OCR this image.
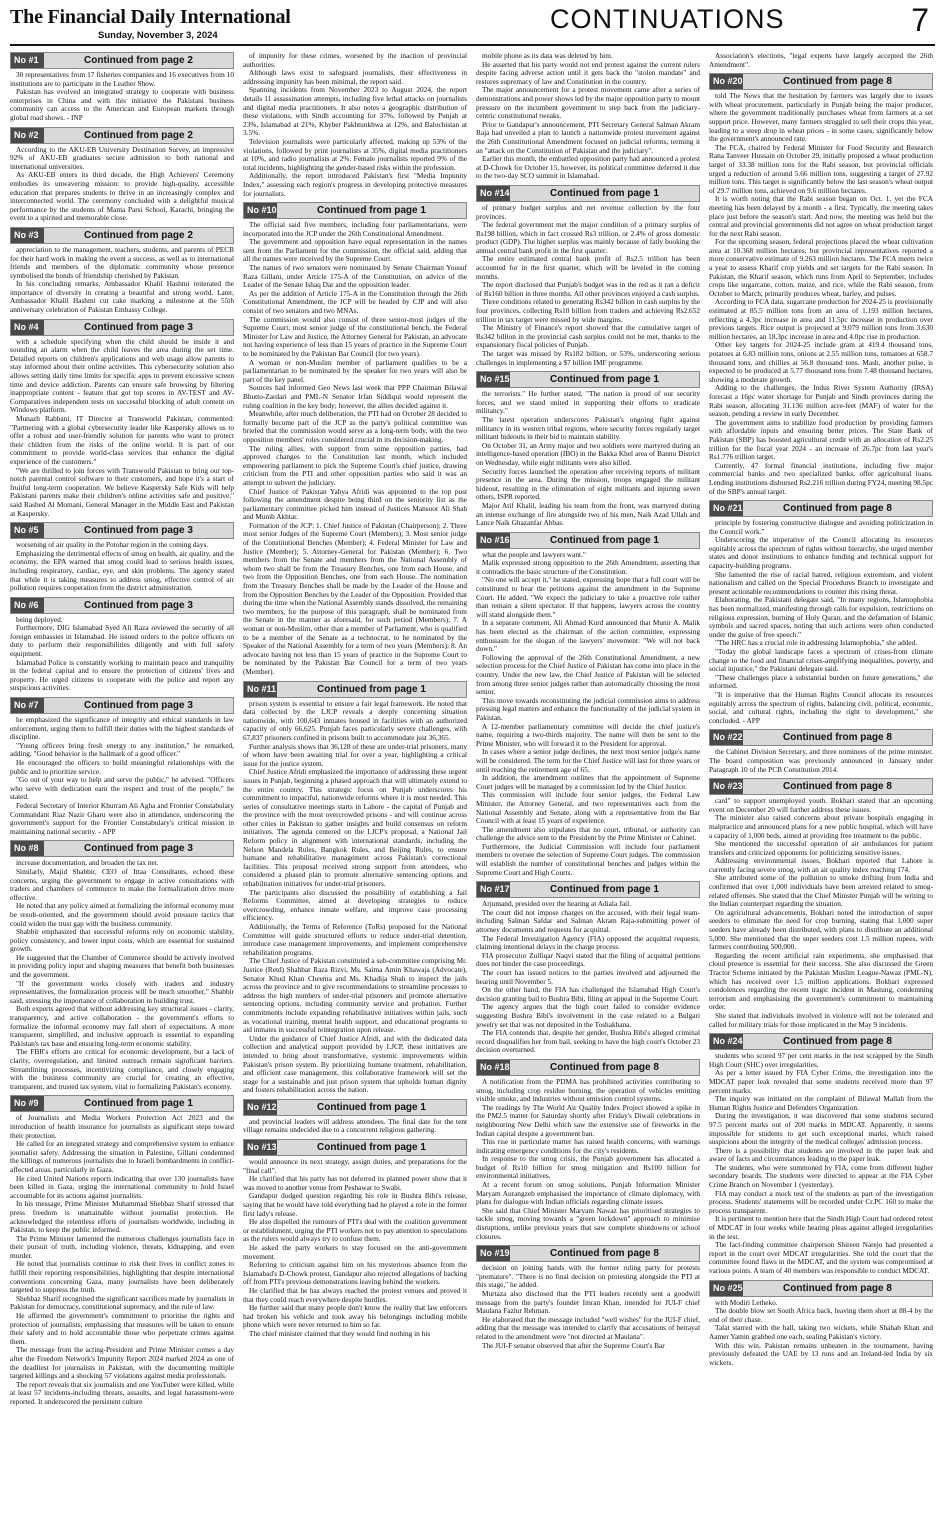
The Financial Daily International
Sunday, November 3, 2024
CONTINUATIONS	7
No #1	Continued from page 2

30 representatives from 17 fisheries companies and 16 executives from 10 institutions are to participate in the Leather Show.

Pakistan has evolved an integrated strategy to cooperate with business enterprises in China and with this initiative the Pakistani business community can access to the American and European markets through global road shows. - INP

No #2	Continued from page 2

According to the AKU-EB University Destination Survey, an impressive 92% of AKU-EB graduates secure admission to both national and international universities.

As AKU-EB enters its third decade, the High Achievers' Ceremony embodies its unwavering mission: to provide high-quality, accessible education that prepares students to thrive in an increasingly complex and interconnected world. The ceremony concluded with a delightful musical performance by the students of Mama Parsi School, Karachi, bringing the event to a spirited and memorable close.

No #3	Continued from page 2

appreciation to the management, teachers, students, and parents of PECB for their hard work in making the event a success, as well as to international friends and members of the diplomatic community whose presence symbolised the bonds of friendship cherished by Pakistan.

In his concluding remarks, Ambassador Khalil Hashmi reiterated the importance of diversity in creating a beautiful and strong world. Later, Ambassador Khalil Hashmi cut cake marking a milestone at the 55th anniversary celebration of Pakistan Embassy College.

No #4	Continued from page 3

with a schedule specifying when the child should be inside it and sounding an alarm when the child leaves the area during the set time. Detailed reports on children's applications and web usage allow parents to stay informed about their online activities. This cybersecurity solution also allows setting daily time limits for specific apps to prevent excessive screen time and device addiction. Parents can ensure safe browsing by filtering inappropriate content - feature that got top scores in AV-TEST and AV-Comparatives independent tests on successful blocking of adult content on Windows platform.

Munazh Rabbani, IT Director at Transworld Pakistan, commented: "Partnering with a global cybersecurity leader like Kaspersky allows us to offer a robust and user-friendly solution for parents who want to protect their children from the risks of the online world. It is part of our commitment to provide world-class services that enhance the digital experience of the customers."

"We are thrilled to join forces with Transworld Pakistan to bring our top-notch parental control software to their customers, and hope it's a start of fruitful long-term cooperation. We believe Kaspersky Safe Kids will help Pakistani parents make their children's online activities safe and positive," said Rashed Al Momani, General Manager in the Middle East and Pakistan at Kaspersky.

No #5	Continued from page 3

worsening of air quality in the Potohar region in the coming days.

Emphasizing the detrimental effects of smog on health, air quality, and the economy, the EPA warned that smog could lead to serious health issues, including respiratory, cardiac, eye, and skin problems. The agency stated that while it is taking measures to address smog, effective control of air pollution requires cooperation from the district administration.

No #6	Continued from page 3

being deployed.

Furthermore, DIG Islamabad Syed Ali Raza reviewed the security of all foreign embassies in Islamabad. He issued orders to the police officers on duty to perform their responsibilities diligently and with full safety equipment.

Islamabad Police is constantly working to maintain peace and tranquility in the federal capital and to ensure the protection of citizens' lives and property. He urged citizens to cooperate with the police and report any suspicious activities.

No #7	Continued from page 3

he emphasized the significance of integrity and ethical standards in law enforcement, urging them to fulfill their duties with the highest standards of discipline.

"Young officers bring fresh energy to any institution," he remarked, adding, "Good behavior is the hallmark of a good officer."

He encouraged the officers to build meaningful relationships with the public and to prioritize service.

"Go out of your way to help and serve the public," he advised. "Officers who serve with dedication earn the respect and trust of the people," he stated.

Federal Secretary of Interior Khurram Ali Agha and Frontier Constabulary Commandant Riaz Nazir Gharu were also in attendance, underscoring the government's support for the Frontier Constabulary's critical mission in maintaining national security. - APP

No #8	Continued from page 3

increase documentation, and broaden the tax net.

Similarly, Majid Shabbir, CEO of Ittaa Consultants, echoed these concerns, urging the government to engage in active consultations with traders and chambers of commerce to make the formalization drive more effective.

He noted that any policy aimed at formalizing the informal economy must be result-oriented, and the government should avoid pressure tactics that could widen the trust gap with the business community.

Shabbir emphasized that successful reforms rely on economic stability, policy consistency, and lower input costs, which are essential for sustained growth.

He suggested that the Chamber of Commerce should be actively involved in providing policy input and shaping measures that benefit both businesses and the government.

"If the government works closely with traders and industry representatives, the formalization process will be much smoother," Shabbir said, stressing the importance of collaboration in building trust.

Both experts agreed that without addressing key structural issues - clarity, transparency, and active collaboration - the government's efforts to formalize the informal economy may fall short of expectations. A more transparent, simplified, and inclusive approach is essential to expanding Pakistan's tax base and ensuring long-term economic stability.

The FBR's efforts are critical for economic development, but a lack of clarity, overregulation, and limited outreach remain significant barriers. Streamlining processes, incentivizing compliance, and closely engaging with the business community are crucial for creating an effective, transparent, and trusted tax system, vital to formalizing Pakistan's economy.

No #9	Continued from page 1

of Journalists and Media Workers Protection Act 2023 and the introduction of health insurance for journalists as significant steps toward their protection.

He called for an integrated strategy and comprehensive system to enhance journalist safety. Addressing the situation in Palestine, Gillani condemned the killings of numerous journalists due to Israeli bombardments in conflict-affected areas, particularly in Gaza.

He cited United Nations reports indicating that over 130 journalists have been killed in Gaza, urging the international community to hold Israel accountable for its actions against journalists.

In his message, Prime Minister Muhammad Shehbaz Sharif stressed that press freedom is unattainable without journalist protection. He acknowledged the relentless efforts of journalists worldwide, including in Pakistan, to keep the public informed.

The Prime Minister lamented the numerous challenges journalists face in their pursuit of truth, including violence, threats, kidnapping, and even murder.

He noted that journalists continue to risk their lives in conflict zones to fulfill their reporting responsibilities, highlighting that despite international conventions concerning Gaza, many journalists have been deliberately targeted to suppress the truth.

Shehbaz Sharif recognised the significant sacrifices made by journalists in Pakistan for democracy, constitutional supremacy, and the rule of law.

He affirmed the government's commitment to prioritise the rights and protection of journalists, emphasising that measures will be taken to ensure their safety and to hold accountable those who perpetrate crimes against them.

The message from the acting-President and Prime Minister comes a day after the Freedom Network's Impunity Report 2024 marked 2024 as one of the deadliest for journalists in Pakistan, with the documenting multiple targeted killings and a shocking 57 violations against media professionals.

The report reveals that six journalists and one YouTuber were killed, while at least 57 incidents-including threats, assaults, and legal harassment-were reported. It underscored the persistent culture

of impunity for these crimes, worsened by the inaction of provincial authorities.

Although laws exist to safeguard journalists, their effectiveness in addressing impunity has been minimal, the report said.

Spanning incidents from November 2023 to August 2024, the report details 11 assassination attempts, including five lethal attacks on journalists and digital media practitioners. It also notes a geographic distribution of these violations, with Sindh accounting for 37%, followed by Punjab at 23%, Islamabad at 21%, Khyber Pakhtunkhwa at 12%, and Balochistan at 3.5%.

Television journalists were particularly affected, making up 53% of the violations, followed by print journalists at 35%, digital media practitioners at 10%, and radio journalists at 2%. Female journalists reported 9% of the total incidents, highlighting the gender-based risks within the profession.

Additionally, the report introduced Pakistan's first "Media Impunity Index," assessing each region's progress in developing protective measures for journalists.

No #10	Continued from page 1

The official said five members, including four parliamentarians, were incorporated into the JCP under the 26th Constitutional Amendment.

The government and opposition have equal representation in the names sent from the Parliament for the commission, the official said, adding that all the names were received by the Supreme Court.

The names of two senators were nominated by Senate Chairman Yousuf Raza Gillani, under Article 175-A of the Constitution, on advice of the Leader of the Senate Ishaq Dar and the opposition leader.

As per the addition of Article 175-A in the Constitution through the 26th Constitutional Amendment, the JCP will be headed by CJP and will also consist of two senators and two MNAs.

The commission would also consist of three senior-most judges of the Supreme Court, most senior judge of the constitutional bench, the Federal Minister for Law and Justice, the Attorney General for Pakistan, an advocate not having experience of less than 15 years of practice in the Supreme Court to be nominated by the Pakistan Bar Council (for two years).

A woman or non-Muslim member of parliament qualifies to be a parliamentarian to be nominated by the speaker for two years will also be part of the key panel.

Sources had informed Geo News last week that PPP Chairman Bilawal Bhutto-Zardari and PML-N Senator Irfan Siddiqui would represent the ruling coalition in the key body; however, the allies decided against it.

Meanwhile, after much deliberation, the PTI had on October 28 decided to formally become part of the JCP as the party's political committee was briefed that the commission would serve as a long-term body, with the two opposition members' roles considered crucial in its decision-making.

The ruling allies, with support from some opposition parties, had approved changes to the Constitution last month, which included empowering parliament to pick the Supreme Court's chief justice, drawing criticism from the PTI and other opposition parties who said it was an attempt to subvert the judiciary.

Chief Justice of Pakistan Yahya Afridi was appointed to the top post following the amendment despite being third on the seniority list as the parliamentary committee picked him instead of Justices Mansoor Ali Shah and Munib Akhtar.

Formation of the JCP: 1. Chief Justice of Pakistan (Chairperson); 2. Three most senior Judges of the Supreme Court (Members); 3. Most senior judge of the Constitutional Benches (Member); 4. Federal Minister for Law and Justice (Member); 5. Attorney-General for Pakistan (Member); 6. Two members from the Senate and members from the National Assembly of whom two shall be from the Treasury Benches, one from each House, and two from the Opposition Benches, one from each House. The nomination from the Treasury Benches shall be made by the Leader of the House and from the Opposition Benches by the Leader of the Opposition. Provided that during the time when the National Assembly stands dissolved, the remaining two members, for the purpose of this paragraph, shall be nominated from the Senate in the manner as aforesaid, for such period (Members); 7. A woman or non-Muslim, other than a member of Parliament, who is qualified to be a member of the Senate as a technocrat, to be nominated by the Speaker of the National Assembly for a term of two years (Members); 8. An advocate having not less than 15 years of practice in the Supreme Court to be nominated by the Pakistan Bar Council for a term of two years (Member).

No #11	Continued from page 1

prison system is essential to ensure a fair legal framework. He noted that data collected by the LJCP reveals a deeply concerning situation nationwide, with 100,643 inmates housed in facilities with an authorized capacity of only 66,625. Punjab faces particularly severe challenges, with 67,837 prisoners confined in prisons built to accommodate just 36,365.

Further analysis shows that 36,128 of these are under-trial prisoners, many of whom have been awaiting trial for over a year, highlighting a critical issue for the justice system.

Chief Justice Afridi emphasized the importance of addressing these urgent issues in Punjab, beginning a phased approach that will ultimately extend to the entire country. This strategic focus on Punjab underscores his commitment to impactful, nationwide reforms where it is most needed. This series of consultative meetings starts in Lahore - the capital of Punjab and the province with the most overcrowded prisons - and will continue across other cities in Pakistan to gather insights and build consensus on reform initiatives. The agenda centered on the LJCP's proposal, a National Jail Reform policy in alignment with international standards, including the Nelson Mandela Rules, Bangkok Rules, and Beijing Rules, to ensure humane and rehabilitative management across Pakistan's correctional facilities. This proposal received strong support from attendees, who considered a phased plan to promote alternative sentencing options and rehabilitation initiatives for under-trial prisoners.

The participants also discussed the possibility of establishing a Jail Reforms Committee, aimed at developing strategies to reduce overcrowding, enhance inmate welfare, and improve case processing efficiency.

Additionally, the Terms of Reference (ToRs) proposed for the National Committee will guide structured efforts to reduce under-trial detention, introduce case management improvements, and implement comprehensive rehabilitation programs.

The Chief Justice of Pakistan constituted a sub-committee comprising Mr. Justice (Retd) Shahbar Raza Rizvi, Ms. Saima Amin Khawaja (Advocate), Senator Khud Khan Cheema and Ms. Khadija Shah to inspect the jails across the province and to give recommendations to streamline processes to address the high numbers of under-trial prisoners and promote alternative sentencing options, including community service and probation. Further commitments include expanding rehabilitative initiatives within jails, such as vocational training, mental health support, and educational programs to aid inmates in successful reintegration upon release.

Under the guidance of Chief Justice Afridi, and with the dedicated data collection and analytical support provided by LJCP, these initiatives are intended to bring about transformative, systemic improvements within Pakistan's prison system. By prioritizing humane treatment, rehabilitation, and efficient case management, this collaborative framework will set the stage for a sustainable and just prison system that upholds human dignity and fosters rehabilitation across the nation.

No #12	Continued from page 1

and provincial leaders will address attendees. The final date for the tent village remains undecided due to a concurrent religious gathering.

No #13	Continued from page 1

would announce its next strategy, assign duties, and preparations for the "final call".

He clarified that his party has not deferred its planned power show that it was moved to another venue from Peshawar to Swabi.

Gandapur dodged question regarding his role in Bushra Bibi's release, saying that he would have told everything had he played a role in the former first lady's release.

He also dispelled the rumours of PTI's deal with the coalition government or establishment, urging the PTI workers not to pay attention to speculations as the rulers would always try to confuse them.

He asked the party workers to stay focused on the anti-government movement.

Referring to criticism against him on his mysterious absence from the Islamabad's D-Chowk protest, Gandapur also rejected allegations of backing off from PTI's previous demonstrations leaving behind the workers.

He clarified that he has always reached the protest venues and proved it that they could reach everywhere despite hurdles.

He further said that many people don't know the reality that law enforcers had broken his vehicle and took away his belongings including mobile phone which were never returned to him so far.

The chief minister claimed that they would find nothing in his

mobile phone as its data was deleted by him.

He asserted that his party would not end protest against the current rulers despite facing adverse action until it gets back the "stolen mandate" and restores supremacy of law and Constitution in the country.

The major announcement for a protest movement came after a series of demonstrations and power shows led by the major opposition party to mount pressure on the incumbent government to step back from the judiciary-centric constitutional tweaks.

Prior to Gandapur's announcement, PTI Secretary General Salman Akram Raja had unveiled a plan to launch a nationwide protest movement against the 26th Constitutional Amendment focused on judicial reforms, terming it an "attack on the Constitution of Pakistan and the judiciary".

Earlier this month, the embattled opposition party had announced a protest at D-Chowk for October 15, however, its political committee deferred it due to the two-day SCO summit in Islamabad.

No #14	Continued from page 1

of primary budget surplus and net revenue collection by the four provinces.

The federal government met the major condition of a primary surplus of Rs198 billion, which in fact crossed Rs3 trillion, or 2.4% of gross domestic product (GDP). The higher surplus was mainly because of fatly booking the annual central bank profit in the first quarter.

The entire estimated central bank profit of Rs2.5 trillion has been accounted for in the first quarter, which will be leveled in the coming months.

The report disclosed that Punjab's budget was in the red as it ran a deficit of Rs160 billion in three months. All other provinces enjoyed a cash surplus.

Three conditions related to generating Rs342 billion in cash surplus by the four provinces, collecting Rs10 billion from traders and achieving Rs2.652 trillion in tax target were missed by wide margins.

The Ministry of Finance's report showed that the cumulative target of Rs342 billion in the provincial cash surplus could not be met, thanks to the expansionary fiscal policies of Punjab.

The target was missed by Rs182 billion, or 53%, underscoring serious challenges in implementing a $7 billion IMF programme.

No #15	Continued from page 1

the terrorists." He further stated, "The nation is proud of our security forces, and we stand united in supporting their efforts to eradicate militancy."

The latest operation underscores Pakistan's ongoing fight against militancy in its western tribal regions, where security forces regularly target militant hideouts in their bid to maintain stability.

On October 31, an Army major and two soldiers were martyred during an intelligence-based operation (IBO) in the Bakka Khel area of Bannu District on Wednesday, while eight militants were also killed.

Security forces launched the operation after receiving reports of militant presence in the area. During the mission, troops engaged the militant hideout, resulting in the elimination of eight militants and injuring seven others, ISPR reported.

Major Atif Khalil, leading his team from the front, was martyred during an intense exchange of fire alongside two of his men, Naik Azad Ullah and Lance Naik Ghazanfar Abbas.

No #16	Continued from page 1

what the people and lawyers want."

Malik expressed strong opposition to the 26th Amendment, asserting that it contradicts the basic structure of the Constitution.

"No one will accept it," he stated, expressing hope that a full court will be constituted to hear the petitions against the amendment in the Supreme Court. He added, "We expect the judiciary to take a proactive role rather than remain a silent spectator. If that happens, lawyers across the country will stand alongside them."

In a separate comment, Ali Ahmad Kurd announced that Munir A. Malik has been elected as the chairman of the action committee, expressing enthusiasm for the slogan of the lawyers' movement: "We will not back down."

Following the approval of the 26th Constitutional Amendment, a new selection process for the Chief Justice of Pakistan has come into place in the country. Under the new law, the Chief Justice of Pakistan will be selected from among three senior judges rather than automatically choosing the most senior.

This move towards reconstituting the judicial commission aims to address pressing legal matters and enhance the functionality of the judicial system in Pakistan.

A 12-member parliamentary committee will decide the chief justice's name, requiring a two-thirds majority. The name will then be sent to the Prime Minister, who will forward it to the President for approval.

In cases where a senior judge declines, the next most senior judge's name will be considered. The term for the Chief Justice will last for three years or until reaching the retirement age of 65.

In addition, the amendment outlines that the appointment of Supreme Court judges will be managed by a commission led by the Chief Justice.

This commission will include four senior judges, the Federal Law Minister, the Attorney General, and two representatives each from the National Assembly and Senate, along with a representative from the Bar Council with at least 15 years of experience.

The amendment also stipulates that no court, tribunal, or authority can challenge the advice sent to the President by the Prime Minister or Cabinet.

Furthermore, the Judicial Commission will include four parliament members to oversee the selection of Supreme Court judges. The commission will establish the number of constitutional benches and judges within the Supreme Court and High Courts.

No #17	Continued from page 1

Arjumand, presided over the hearing at Adiala Jail.

The court did not impose charges on the accused, with their legal team-including Salman Safdar and Salman Akram Raja-submitting power of attorney documents and requests for acquittal.

The Federal Investigation Agency (FIA) opposed the acquittal requests, claiming intentional delays in the charge process.

FIA prosecutor Zulfiqar Naqvi stated that the filing of acquittal petitions does not hinder the case proceedings.

The court has issued notices to the parties involved and adjourned the hearing until November 5.

On the other hand, the FIA has challenged the Islamabad High Court's decision granting bail to Bushra Bibi, filing an appeal in the Supreme Court.

The agency argues that the high court failed to consider evidence suggesting Bushra Bibi's involvement in the case related to a Bulgari jewelry set that was not deposited in the Toshakhana.

The FIA contends that, despite her gender, Bushra Bibi's alleged criminal record disqualifies her from bail, seeking to have the high court's October 23 decision overturned.

No #18	Continued from page 8

A notification from the PDMA has prohibited activities contributing to smog, including crop residue burning, the operation of vehicles emitting visible smoke, and industries without emission control systems.

The readings by The World Air Quality Index Project showed a spike in the PM2.5 matter for Saturday shortly after Friday's Diwali celebrations in neighbouring New Delhi which saw the extensive use of fireworks in the Indian capital despite a government ban.

This rise in particulate matter has raised health concerns, with warnings indicating emergency conditions for the city's residents.

In response to the smog crisis, the Punjab government has allocated a budget of Rs10 billion for smog mitigation and Rs100 billion for environmental initiatives.

At a recent forum on smog solutions, Punjab Information Minister Maryam Aurangzeb emphasised the importance of climate diplomacy, with plans for dialogue with Indian officials regarding climate issues.

She said that Chief Minister Maryam Nawaz has prioritised strategies to tackle smog, moving towards a "green lockdown" approach to minimise disruptions, unlike previous years that saw complete shutdowns or school closures.

No #19	Continued from page 8

decision on joining hands with the former ruling party for protests "premature". "There is no final decision on protesting alongside the PTI at this stage," he added.

Murtaza also disclosed that the PTI leaders recently sent a goodwill message from the party's founder Imran Khan, intended for JUI-F chief Maulana Fazlur Rehman.

He elaborated that the message included "well wishes" for the JUI-F chief, adding that the message was intended to clarify that accusations of betrayal related to the amendment were "not directed at Maulana".

The JUI-F senator observed that after the Supreme Court's Bar

Association's elections, "legal experts have largely accepted the 26th Amendment".

No #20	Continued from page 8

told The News that the hesitation by farmers was largely due to issues with wheat procurement, particularly in Punjab being the major producer, where the government traditionally purchases wheat from farmers at a set support price. However, many farmers struggled to sell their crops this year, leading to a steep drop in wheat prices - in some cases, significantly below the government's announced rate.

The FCA, chaired by Federal Minister for Food Security and Research Rana Tanveer Hussain on October 29, initially proposed a wheat production target of 33.38 million tons for the Rabi season, but provincial officials urged a reduction of around 5.66 million tons, suggesting a target of 27.92 million tons. This target is significantly below the last season's wheat output of 29.7 million tons, achieved on 9.6 million hectares.

It is worth noting that the Rabi season began on Oct. 1, yet the FCA meeting has been delayed by a month - a first. Typically, the meeting takes place just before the season's start. And now, the meeting was held but the central and provincial governments did not agree on wheat production target for the next Rabi season.

For the upcoming season, federal projections placed the wheat cultivation area at 10.368 million hectares, but provincial representatives reported a more conservative estimate of 9.263 million hectares. The FCA meets twice a year to assess Kharif crop yields and set targets for the Rabi season. In Pakistan, the Kharif season, which runs from April to September, includes crops like sugarcane, cotton, maize, and rice, while the Rabi season, from October to March, primarily produces wheat, barley, and pulses.

According to FCA data, sugarcane production for 2024-25 is provisionally estimated at 85.5 million tons from an area of 1.193 million hectares, reflecting a 4.3pc increase in area and 11.5pc increase in production over previous targets. Rice output is projected at 9.079 million tons from 3.630 million hectares, an 18.3pc increase in area and 4.0pc rise in production.

Other key targets for 2024-25 include gram at 419.4 thousand tons, potatoes at 6.83 million tons, onions at 2.55 million tons, tomatoes at 658.7 thousand tons, and chillies at 56.8 thousand tons. Mash, another pulse, is expected to be produced at 5.77 thousand tons from 7.48 thousand hectares, showing a moderate growth.

Adding to the challenges, the Indus River System Authority (IRSA) forecast a 16pc water shortage for Punjab and Sindh provinces during the Rabi season, allocating 31.136 million acre-feet (MAF) of water for the season, pending a review in early December.

The government aims to stabilize food production by providing farmers with affordable inputs and ensuring better prices. The State Bank of Pakistan (SBP) has boosted agricultural credit with an allocation of Rs2.25 trillion for the fiscal year 2024 - an increase of 26.7pc from last year's Rs1.776 trillion target.

Currently, 47 formal financial institutions, including five major commercial banks and two specialized banks, offer agricultural loans. Lending institutions disbursed Rs2.216 trillion during FY24, meeting 98.5pc of the SBP's annual target.

No #21	Continued from page 8

principle by fostering constructive dialogue and avoiding politicization in the Council work."

Underscoring the imperative of the Council allocating its resources equitably across the spectrum of rights without hierarchy, she urged member states and donor institutions to enhance funding and technical support for capacity-building programs.

She lamented the rise of racial hatred, religious extremism, and violent nationalism and called on the Special Procedures Branch to investigate and present actionable recommendations to counter this rising threat.

Elaborating, the Pakistani delegate said, "In many regions, Islamophobia has been normalized, manifesting through calls for expulsion, restrictions on religious expression, burning of Holy Quran, and the defamation of Islamic symbols and sacred spaces, noting that such actions were often conducted under the guise of free speech."

"The HRC has a crucial role in addressing Islamophobia," she added.

"Today the global landscape faces a spectrum of crises-from climate change to the food and financial crises-amplifying inequalities, poverty, and social injustice," the Pakistani delegate said.

"These challenges place a substantial burden on future generations," she informed.

"It is imperative that the Human Rights Council allocate its resources equitably across the spectrum of rights, balancing civil, political, economic, social, and cultural rights, including the right to development," she concluded. - APP

No #22	Continued from page 8

the Cabinet Division Secretary, and three nominees of the prime minister. The board composition was previously announced in January under Paragraph 10 of the PCB Constitution 2014.

No #23	Continued from page 8

card" to support unemployed youth. Bokhari stated that an upcoming event on December 20 will further address these issues.

The minister also raised concerns about private hospitals engaging in malpractice and announced plans for a new public hospital, which will have a capacity of 1,000 beds, aimed at providing free treatment to the public.

She mentioned the successful operation of air ambulances for patient transfers and criticized opponents for politicizing sensitive issues.

Addressing environmental issues, Bokhari reported that Lahore is currently facing severe smog, with an air quality index reaching 174.

She attributed some of the pollution to smoke drifting from India and confirmed that over 1,000 individuals have been arrested related to smog-related offenses. She stated that the Chief Minister Punjab will be writing to the Indian counterpart regarding the situation.

On agricultural advancements, Bokhari noted the introduction of super seeders to eliminate the need for crop burning, stating that 1,000 super seeders have already been distributed, with plans to distribute an additional 5,000. She mentioned that the super seeders cost 1.5 million rupees, with farmers contributing 500,000.

Regarding the recent artificial rain experiments, she emphasised that cloud presence is essential for their success. She also discussed the Green Tractor Scheme initiated by the Pakistan Muslim League-Nawaz (PML-N), which has received over 1.5 million applications. Bokhari expressed condolences regarding the recent tragic incident in Mastung, condemning terrorism and emphasising the government's commitment to maintaining order.

She stated that individuals involved in violence will not be tolerated and called for military trials for those implicated in the May 9 incidents.

No #24	Continued from page 8

students who scored 97 per cent marks in the test scrapped by the Sindh High Court (SHC) over irregularities.

As per a letter issued by FIA Cyber Crime, the investigation into the MDCAT paper leak revealed that some students received more than 97 percent marks.

The inquiry was initiated on the complaint of Bilawal Mallah from the Human Rights Justice and Defenders Organization.

During the investigation, it was discovered that some students secured 97.5 percent marks out of 200 marks in MDCAT. Apparently, it seems impossible for students to get such exceptional marks, which raised suspicions about the integrity of the medical colleges' admission process.

There is a possibility that students are involved in the paper leak and aware of facts and circumstances leading to the paper leak.

The students, who were summoned by FIA, come from different higher secondary boards. The students were directed to appear at the FIA Cyber Crime Branch on November 1 (yesterday).

FIA may conduct a mock test of the students as part of the investigation process. Students' statements will be recorded under Cr.PC 160 to make the process transparent.

It is pertinent to mention here that the Sindh High Court had ordered retest of MDCAT in four weeks while hearing pleas against alleged irregularities in the test.

The fact-finding committee chairperson Shireen Narejo had presented a report in the court over MDCAT irregularities. She told the court that the committee found flaws in the MDCAT, and the system was compromised at various points. A team of 40 members was responsible to conduct MDCAT.

No #25	Continued from page 8

with Modiri Letheko.

The double blow set South Africa back, leaving them short at 88-4 by the end of their chase.

Talat starred with the ball, taking two wickets, while Shahab Khan and Aamer Yamin grabbed one each, sealing Pakistan's victory.

With this win, Pakistan remains unbeaten in the tournament, having previously defeated the UAE by 13 runs and an Ireland-led India by six wickets.
